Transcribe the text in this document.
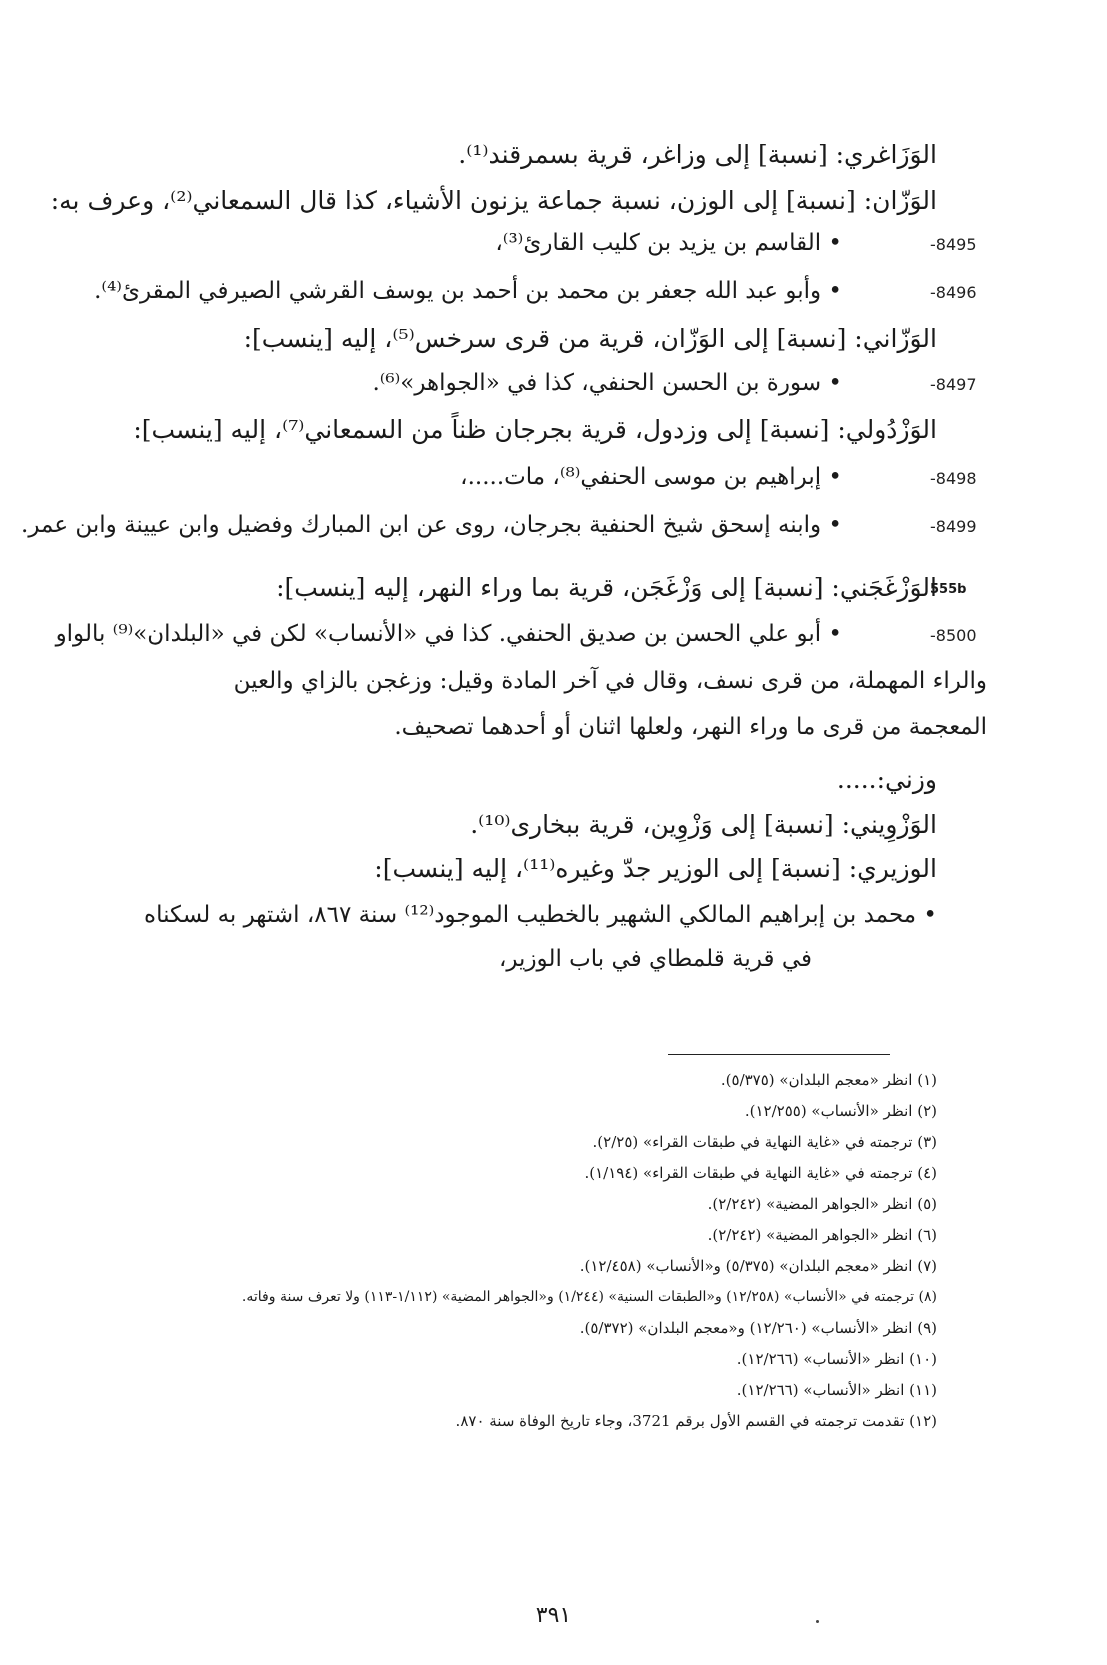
الوَزَاغري: [نسبة] إلى وزاغر، قرية بسمرقند⁽¹⁾.
الوَزّان: [نسبة] إلى الوزن، نسبة جماعة يزنون الأشياء، كذا قال السمعاني⁽²⁾، وعرف به:
• القاسم بن يزيد بن كليب القارئ⁽³⁾،	-8495
• وأبو عبد الله جعفر بن محمد بن أحمد بن يوسف القرشي الصيرفي المقرئ⁽⁴⁾.	-8496
الوَزّاني: [نسبة] إلى الوَزّان، قرية من قرى سرخس⁽⁵⁾، إليه [ينسب]:
• سورة بن الحسن الحنفي، كذا في «الجواهر»⁽⁶⁾.	-8497
الوَزْدُولي: [نسبة] إلى وزدول، قرية بجرجان ظناً من السمعاني⁽⁷⁾، إليه [ينسب]:
• إبراهيم بن موسى الحنفي⁽⁸⁾، مات.....،	-8498
• وابنه إسحق شيخ الحنفية بجرجان، روى عن ابن المبارك وفضيل وابن عيينة وابن عمر.	-8499
555b
الوَزْغَجَني: [نسبة] إلى وَزْغَجَن، قرية بما وراء النهر، إليه [ينسب]:
• أبو علي الحسن بن صديق الحنفي. كذا في «الأنساب» لكن في «البلدان»⁽⁹⁾ بالواو	-8500
والراء المهملة، من قرى نسف، وقال في آخر المادة وقيل: وزغجن بالزاي والعين
المعجمة من قرى ما وراء النهر، ولعلها اثنان أو أحدهما تصحيف.
وزني:.....
الوَزْوِيني: [نسبة] إلى وَزْوِين، قرية ببخارى⁽¹⁰⁾.
الوزيري: [نسبة] إلى الوزير جدّ وغيره⁽¹¹⁾، إليه [ينسب]:
• محمد بن إبراهيم المالكي الشهير بالخطيب الموجود⁽¹²⁾ سنة ٨٦٧، اشتهر به لسكناه
في قرية قلمطاي في باب الوزير،
(١) انظر «معجم البلدان» (٥/٣٧٥).
(٢) انظر «الأنساب» (١٢/٢٥٥).
(٣) ترجمته في «غاية النهاية في طبقات القراء» (٢/٢٥).
(٤) ترجمته في «غاية النهاية في طبقات القراء» (١/١٩٤).
(٥) انظر «الجواهر المضية» (٢/٢٤٢).
(٦) انظر «الجواهر المضية» (٢/٢٤٢).
(٧) انظر «معجم البلدان» (٥/٣٧٥) و«الأنساب» (١٢/٤٥٨).
(٨) ترجمته في «الأنساب» (١٢/٢٥٨) و«الطبقات السنية» (١/٢٤٤) و«الجواهر المضية» (١/١١٢-١١٣) ولا تعرف سنة وفاته.
(٩) انظر «الأنساب» (١٢/٢٦٠) و«معجم البلدان» (٥/٣٧٢).
(١٠) انظر «الأنساب» (١٢/٢٦٦).
(١١) انظر «الأنساب» (١٢/٢٦٦).
(١٢) تقدمت ترجمته في القسم الأول برقم 3721، وجاء تاريخ الوفاة سنة ٨٧٠.
٣٩١
